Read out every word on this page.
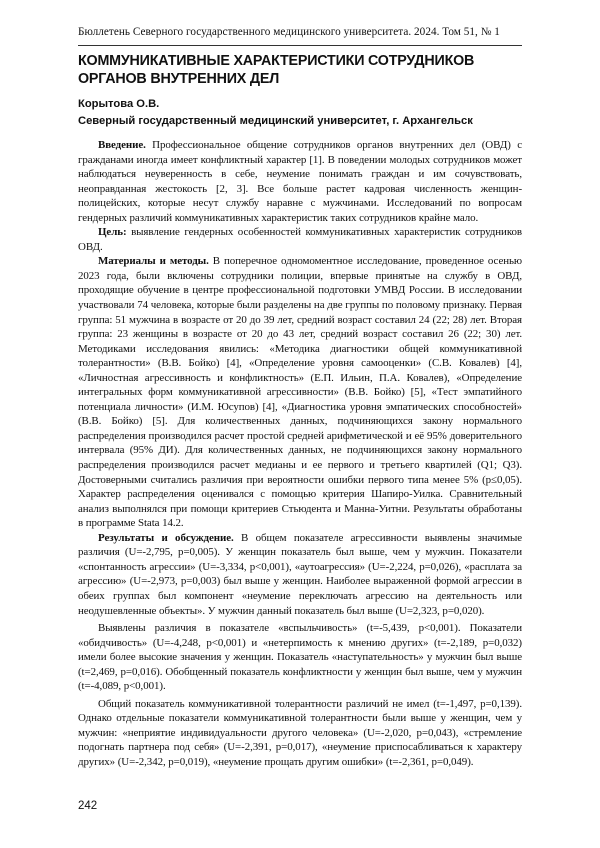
Бюллетень Северного государственного медицинского университета. 2024. Том 51, № 1
КОММУНИКАТИВНЫЕ ХАРАКТЕРИСТИКИ СОТРУДНИКОВ ОРГАНОВ ВНУТРЕННИХ ДЕЛ
Корытова О.В.
Северный государственный медицинский университет, г. Архангельск

Введение. Профессиональное общение сотрудников органов внутренних дел (ОВД) с гражданами иногда имеет конфликтный характер [1]. В поведении молодых сотрудников может наблюдаться неуверенность в себе, неумение понимать граждан и им сочувствовать, неоправданная жестокость [2, 3]. Все больше растет кадровая численность женщин-полицейских, которые несут службу наравне с мужчинами. Исследований по вопросам гендерных различий коммуникативных характеристик таких сотрудников крайне мало.

Цель: выявление гендерных особенностей коммуникативных характеристик сотрудников ОВД.

Материалы и методы. В поперечное одномоментное исследование, проведенное осенью 2023 года, были включены сотрудники полиции, впервые принятые на службу в ОВД, проходящие обучение в центре профессиональной подготовки УМВД России. В исследовании участвовали 74 человека, которые были разделены на две группы по половому признаку. Первая группа: 51 мужчина в возрасте от 20 до 39 лет, средний возраст составил 24 (22; 28) лет. Вторая группа: 23 женщины в возрасте от 20 до 43 лет, средний возраст составил 26 (22; 30) лет. Методиками исследования явились: «Методика диагностики общей коммуникативной толерантности» (В.В. Бойко) [4], «Определение уровня самооценки» (С.В. Ковалев) [4], «Личностная агрессивность и конфликтность» (Е.П. Ильин, П.А. Ковалев), «Определение интегральных форм коммуникативной агрессивности» (В.В. Бойко) [5], «Тест эмпатийного потенциала личности» (И.М. Юсупов) [4], «Диагностика уровня эмпатических способностей» (В.В. Бойко) [5]. Для количественных данных, подчиняющихся закону нормального распределения производился расчет простой средней арифметической и её 95% доверительного интервала (95% ДИ). Для количественных данных, не подчиняющихся закону нормального распределения производился расчет медианы и ее первого и третьего квартилей (Q1; Q3). Достоверными считались различия при вероятности ошибки первого типа менее 5% (p≤0,05). Характер распределения оценивался с помощью критерия Шапиро-Уилка. Сравнительный анализ выполнялся при помощи критериев Стьюдента и Манна-Уитни. Результаты обработаны в программе Stata 14.2.

Результаты и обсуждение. В общем показателе агрессивности выявлены значимые различия (U=-2,795, p=0,005). У женщин показатель был выше, чем у мужчин. Показатели «спонтанность агрессии» (U=-3,334, p<0,001), «аутоагрессия» (U=-2,224, p=0,026), «расплата за агрессию» (U=-2,973, p=0,003) был выше у женщин. Наиболее выраженной формой агрессии в обеих группах был компонент «неумение переключать агрессию на деятельность или неодушевленные объекты». У мужчин данный показатель был выше (U=2,323, p=0,020).

Выявлены различия в показателе «вспыльчивость» (t=-5,439, p<0,001). Показатели «обидчивость» (U=-4,248, p<0,001) и «нетерпимость к мнению других» (t=-2,189, p=0,032) имели более высокие значения у женщин. Показатель «наступательность» у мужчин был выше (t=2,469, p=0,016). Обобщенный показатель конфликтности у женщин был выше, чем у мужчин (t=-4,089, p<0,001).

Общий показатель коммуникативной толерантности различий не имел (t=-1,497, p=0,139). Однако отдельные показатели коммуникативной толерантности были выше у женщин, чем у мужчин: «неприятие индивидуальности другого человека» (U=-2,020, p=0,043), «стремление подогнать партнера под себя» (U=-2,391, p=0,017), «неумение приспосабливаться к характеру других» (U=-2,342, p=0,019), «неумение прощать другим ошибки» (t=-2,361, p=0,049).

242
